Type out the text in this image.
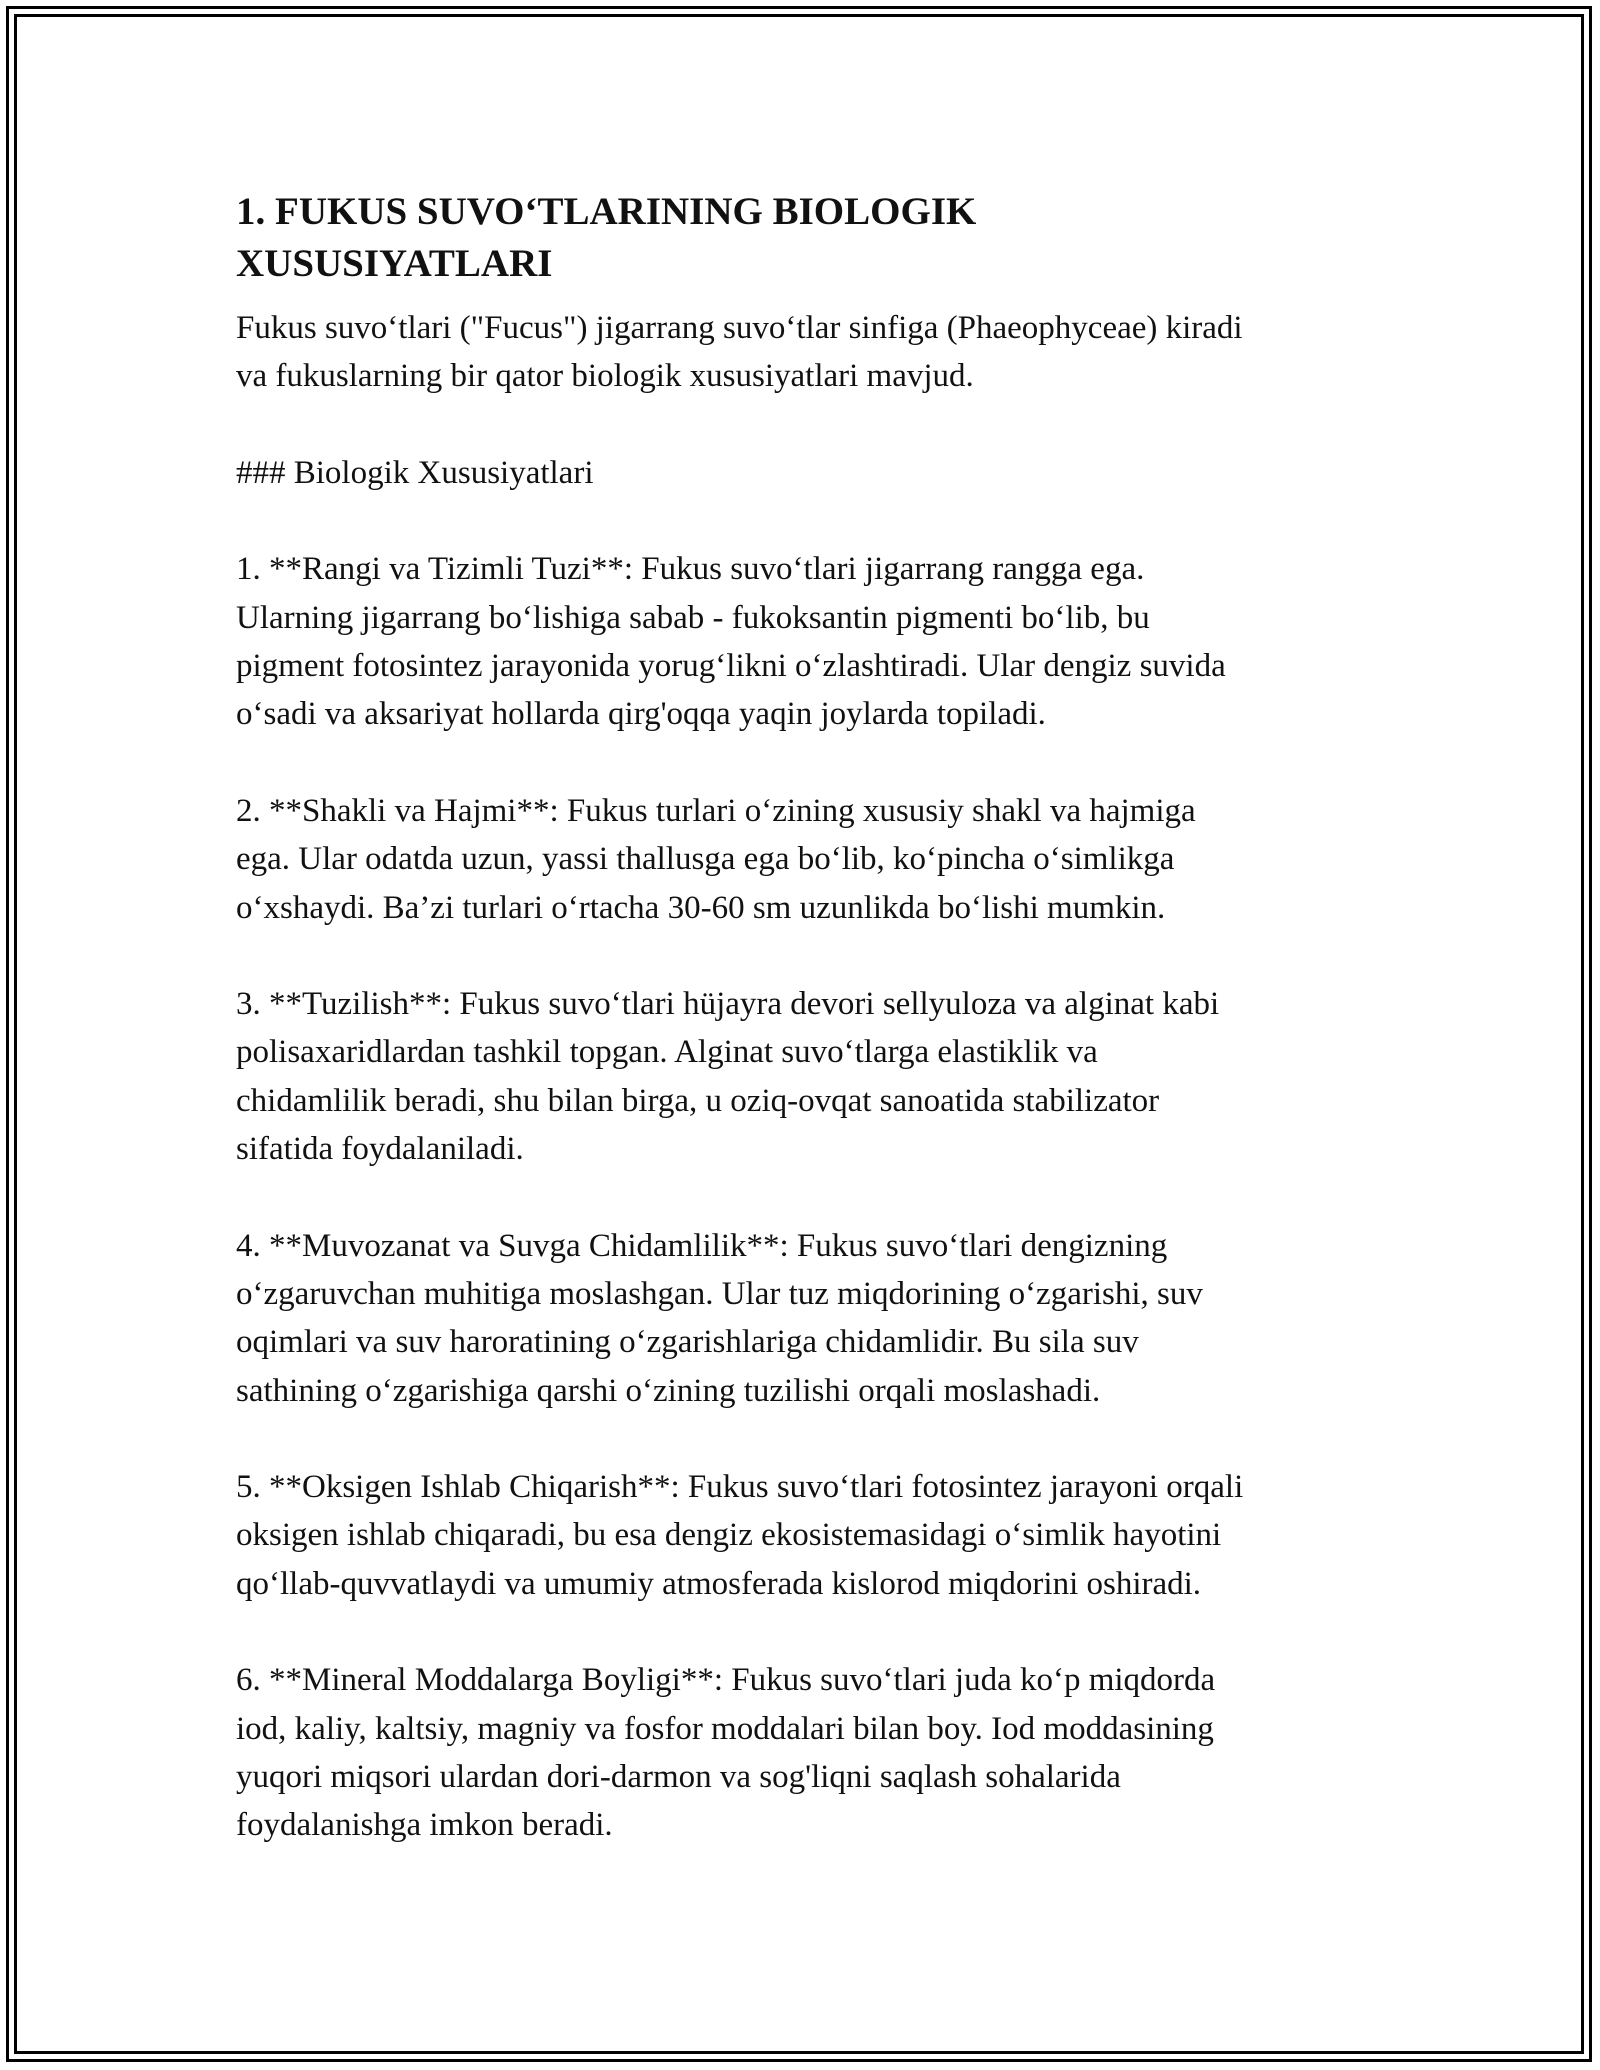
1. FUKUS SUVO‘TLARINING BIOLOGIK
XUSUSIYATLARI

Fukus suvo‘tlari ("Fucus") jigarrang suvo‘tlar sinfiga (Phaeophyceae) kiradi
va fukuslarning bir qator biologik xususiyatlari mavjud.

### Biologik Xususiyatlari

1. **Rangi va Tizimli Tuzi**: Fukus suvo‘tlari jigarrang rangga ega.
Ularning jigarrang bo‘lishiga sabab - fukoksantin pigmenti bo‘lib, bu
pigment fotosintez jarayonida yorug‘likni o‘zlashtiradi. Ular dengiz suvida
o‘sadi va aksariyat hollarda qirg'oqqa yaqin joylarda topiladi.

2. **Shakli va Hajmi**: Fukus turlari o‘zining xususiy shakl va hajmiga
ega. Ular odatda uzun, yassi thallusga ega bo‘lib, ko‘pincha o‘simlikga
o‘xshaydi. Ba’zi turlari o‘rtacha 30-60 sm uzunlikda bo‘lishi mumkin.

3. **Tuzilish**: Fukus suvo‘tlari hüjayra devori sellyuloza va alginat kabi
polisaxaridlardan tashkil topgan. Alginat suvo‘tlarga elastiklik va
chidamlilik beradi, shu bilan birga, u oziq-ovqat sanoatida stabilizator
sifatida foydalaniladi.

4. **Muvozanat va Suvga Chidamlilik**: Fukus suvo‘tlari dengizning
o‘zgaruvchan muhitiga moslashgan. Ular tuz miqdorining o‘zgarishi, suv
oqimlari va suv haroratining o‘zgarishlariga chidamlidir. Bu sila suv
sathining o‘zgarishiga qarshi o‘zining tuzilishi orqali moslashadi.

5. **Oksigen Ishlab Chiqarish**: Fukus suvo‘tlari fotosintez jarayoni orqali
oksigen ishlab chiqaradi, bu esa dengiz ekosistemasidagi o‘simlik hayotini
qo‘llab-quvvatlaydi va umumiy atmosferada kislorod miqdorini oshiradi.

6. **Mineral Moddalarga Boyligi**: Fukus suvo‘tlari juda ko‘p miqdorda
iod, kaliy, kaltsiy, magniy va fosfor moddalari bilan boy. Iod moddasining
yuqori miqsori ulardan dori-darmon va sog'liqni saqlash sohalarida
foydalanishga imkon beradi.
